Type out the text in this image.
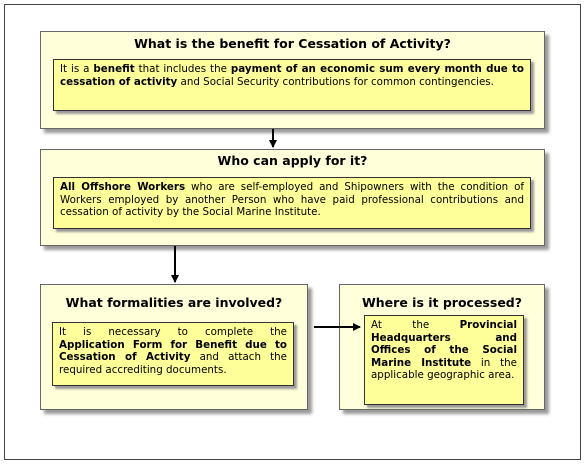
What is the benefit for Cessation of Activity?
It is a benefit that includes the payment of an economic sum every month due to cessation of activity and Social Security contributions for common contingencies.
Who can apply for it?
All Offshore Workers who are self-employed and Shipowners with the condition of Workers employed by another Person who have paid professional contributions and cessation of activity by the Social Marine Institute.
What formalities are involved?
It is necessary to complete the Application Form for Benefit due to Cessation of Activity and attach the required accrediting documents.
Where is it processed?
At the Provincial Headquarters and Offices of the Social Marine Institute in the applicable geographic area.
